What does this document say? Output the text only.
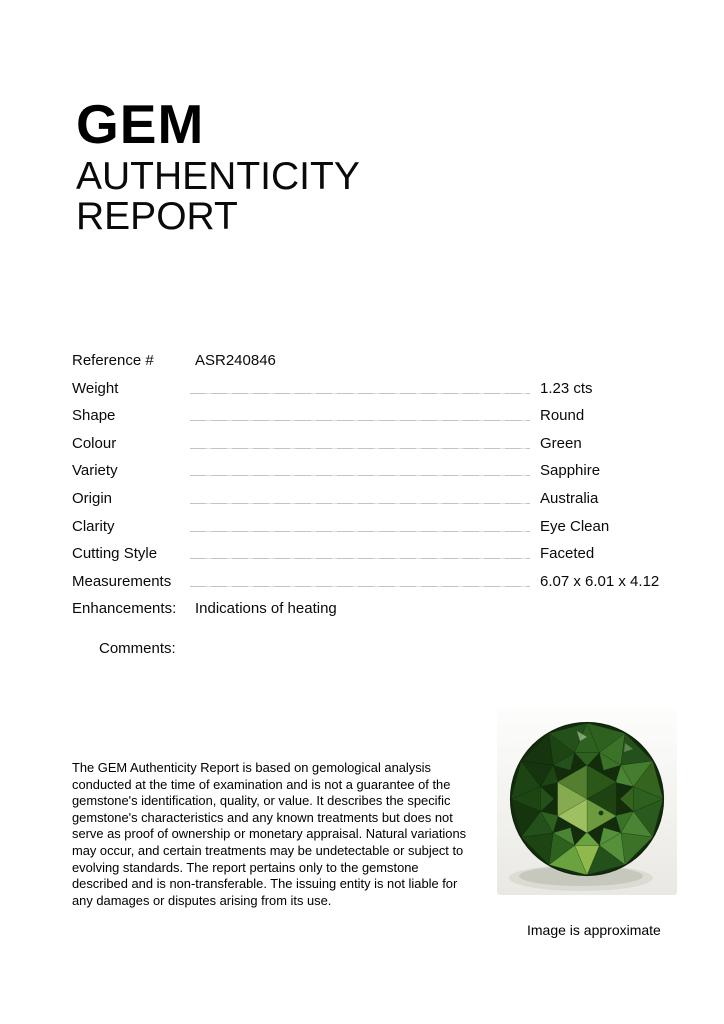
GEM
AUTHENTICITY
REPORT
Reference #	ASR240846
Weight	1.23 cts
Shape	Round
Colour	Green
Variety	Sapphire
Origin	Australia
Clarity	Eye Clean
Cutting Style	Faceted
Measurements	6.07 x 6.01 x 4.12
Enhancements:	Indications of heating
Comments:

The GEM Authenticity Report is based on gemological analysis conducted at the time of examination and is not a guarantee of the gemstone's identification, quality, or value. It describes the specific gemstone's characteristics and any known treatments but does not serve as proof of ownership or monetary appraisal. Natural variations may occur, and certain treatments may be undetectable or subject to evolving standards. The report pertains only to the gemstone described and is non-transferable. The issuing entity is not liable for any damages or disputes arising from its use.

Image is approximate
